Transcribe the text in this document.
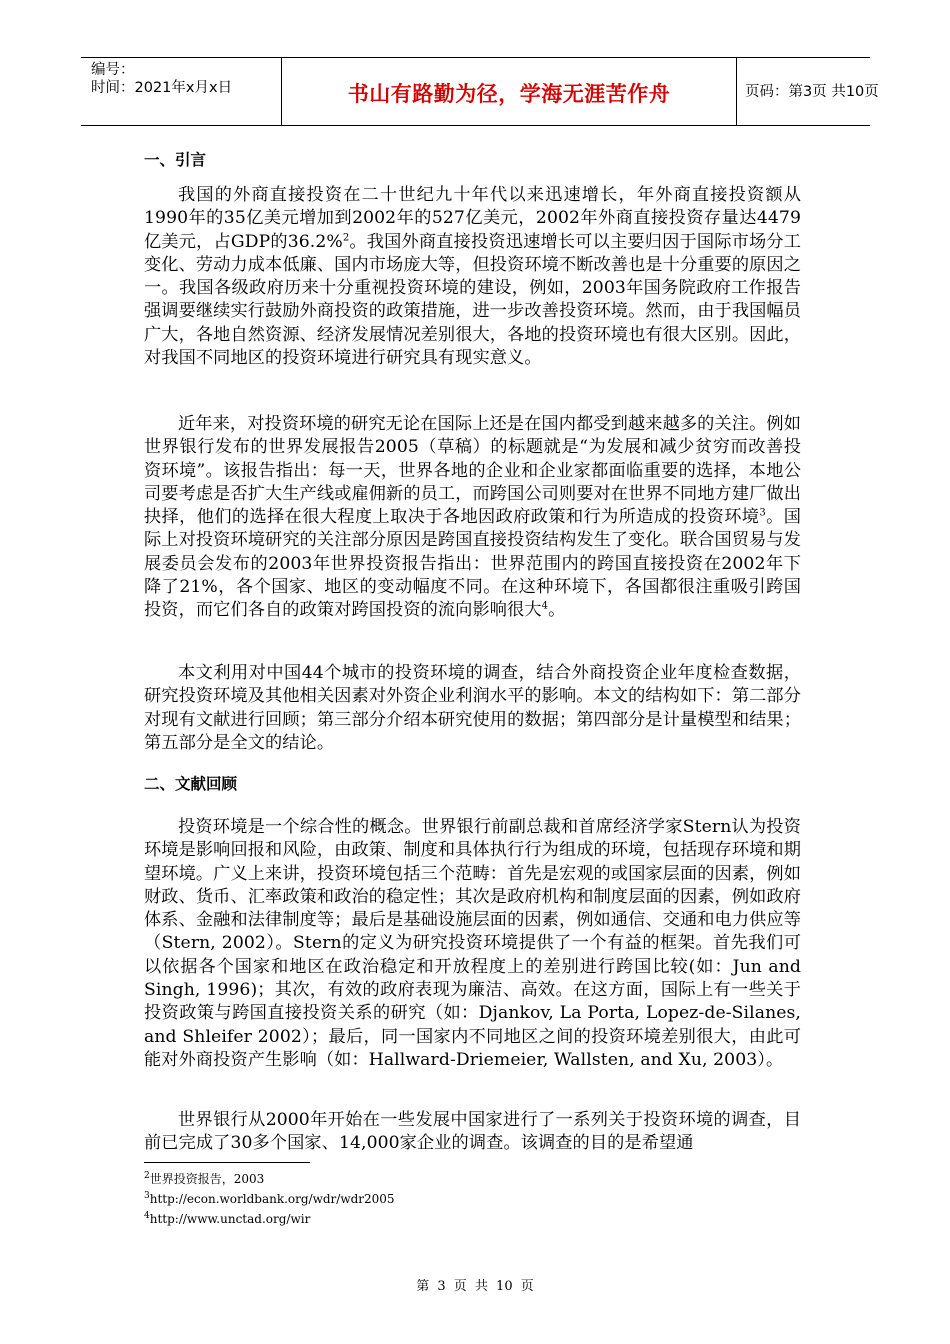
编号：
时间：2021年x月x日	书山有路勤为径，学海无涯苦作舟	页码：第3页 共10页
一、引言

我国的外商直接投资在二十世纪九十年代以来迅速增长，年外商直接投资额从1990年的35亿美元增加到2002年的527亿美元，2002年外商直接投资存量达4479亿美元，占GDP的36.2%$^2$。我国外商直接投资迅速增长可以主要归因于国际市场分工变化、劳动力成本低廉、国内市场庞大等，但投资环境不断改善也是十分重要的原因之一。我国各级政府历来十分重视投资环境的建设，例如，2003年国务院政府工作报告强调要继续实行鼓励外商投资的政策措施，进一步改善投资环境。然而，由于我国幅员广大，各地自然资源、经济发展情况差别很大，各地的投资环境也有很大区别。因此，对我国不同地区的投资环境进行研究具有现实意义。

近年来，对投资环境的研究无论在国际上还是在国内都受到越来越多的关注。例如世界银行发布的世界发展报告2005（草稿）的标题就是“为发展和减少贫穷而改善投资环境”。该报告指出：每一天，世界各地的企业和企业家都面临重要的选择，本地公司要考虑是否扩大生产线或雇佣新的员工，而跨国公司则要对在世界不同地方建厂做出抉择，他们的选择在很大程度上取决于各地因政府政策和行为所造成的投资环境$^3$。国际上对投资环境研究的关注部分原因是跨国直接投资结构发生了变化。联合国贸易与发展委员会发布的2003年世界投资报告指出：世界范围内的跨国直接投资在2002年下降了21%，各个国家、地区的变动幅度不同。在这种环境下，各国都很注重吸引跨国投资，而它们各自的政策对跨国投资的流向影响很大$^4$。

本文利用对中国44个城市的投资环境的调查，结合外商投资企业年度检查数据，研究投资环境及其他相关因素对外资企业利润水平的影响。本文的结构如下：第二部分对现有文献进行回顾；第三部分介绍本研究使用的数据；第四部分是计量模型和结果；第五部分是全文的结论。

二、文献回顾

投资环境是一个综合性的概念。世界银行前副总裁和首席经济学家Stern认为投资环境是影响回报和风险，由政策、制度和具体执行行为组成的环境，包括现存环境和期望环境。广义上来讲，投资环境包括三个范畴：首先是宏观的或国家层面的因素，例如财政、货币、汇率政策和政治的稳定性；其次是政府机构和制度层面的因素，例如政府体系、金融和法律制度等；最后是基础设施层面的因素，例如通信、交通和电力供应等（Stern, 2002）。Stern的定义为研究投资环境提供了一个有益的框架。首先我们可以依据各个国家和地区在政治稳定和开放程度上的差别进行跨国比较(如：Jun and Singh, 1996)；其次，有效的政府表现为廉洁、高效。在这方面，国际上有一些关于投资政策与跨国直接投资关系的研究（如：Djankov, La Porta, Lopez-de-Silanes, and Shleifer 2002）；最后，同一国家内不同地区之间的投资环境差别很大，由此可能对外商投资产生影响（如：Hallward-Driemeier, Wallsten, and Xu, 2003）。

世界银行从2000年开始在一些发展中国家进行了一系列关于投资环境的调查，目前已完成了30多个国家、14,000家企业的调查。该调查的目的是希望通

$^2$世界投资报告，2003
$^3$http://econ.worldbank.org/wdr/wdr2005
$^4$http://www.unctad.org/wir
第 3 页 共 10 页
